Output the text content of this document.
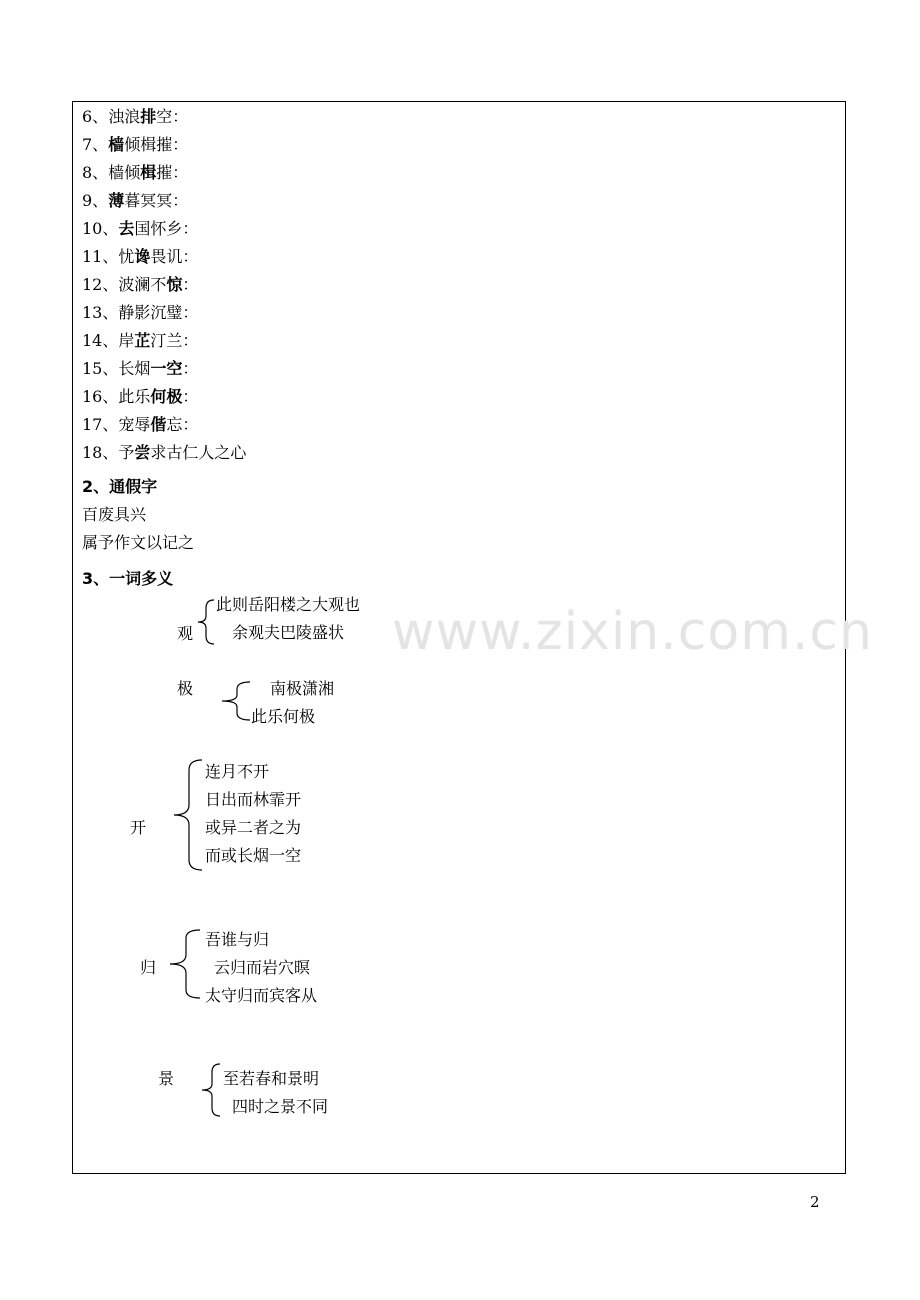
6、浊浪排空：
7、樯倾楫摧：
8、樯倾楫摧：
9、薄暮冥冥：
10、去国怀乡：
11、忧谗畏讥：
12、波澜不惊：
13、静影沉璧：
14、岸芷汀兰：
15、长烟一空：
16、此乐何极：
17、宠辱偕忘：
18、予尝求古仁人之心
2、通假字
百废具兴
属予作文以记之
3、一词多义
观
此则岳阳楼之大观也
余观夫巴陵盛状
极	南极潇湘
此乐何极
开
连月不开
日出而林霏开
或异二者之为
而或长烟一空
归
吾谁与归
云归而岩穴暝
太守归而宾客从
景	至若春和景明
四时之景不同
www.zixin.com.cn
2
